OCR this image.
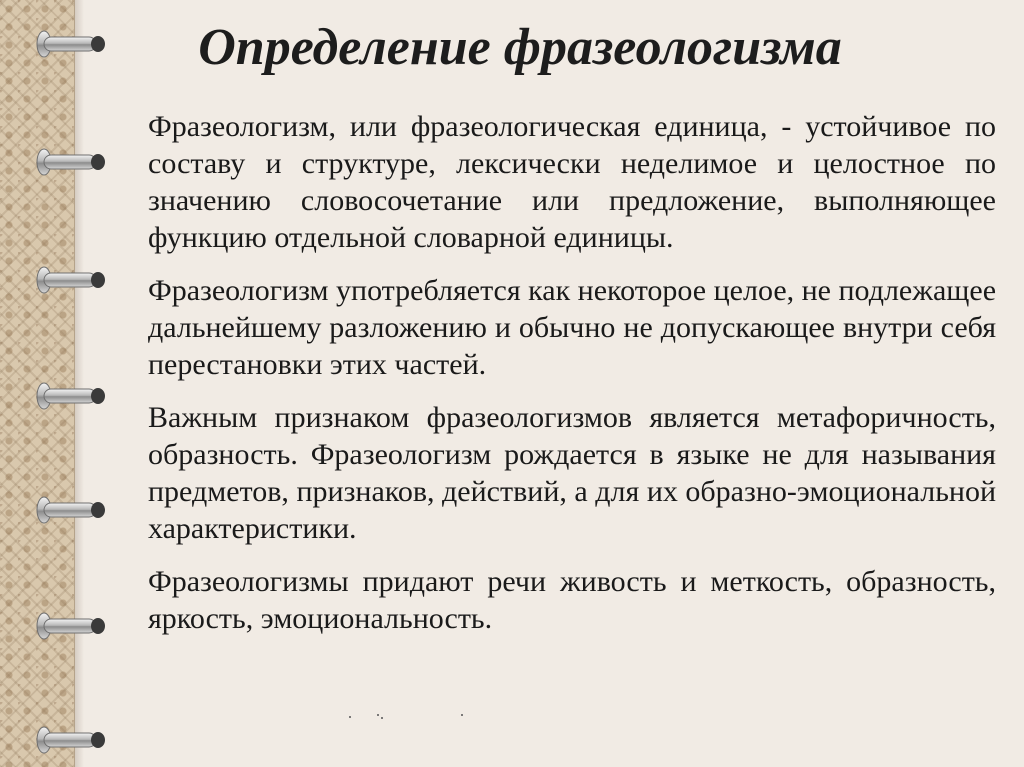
Определение фразеологизма

Фразеологизм, или фразеологическая единица, - устойчивое по составу и структуре, лексически неделимое и целостное по значению словосочетание или предложение, выполняющее функцию отдельной словарной единицы.

Фразеологизм употребляется как некоторое целое, не подлежащее дальнейшему разложению и обычно не допускающее внутри себя перестановки этих частей.

Важным признаком фразеологизмов является метафоричность, образность. Фразеологизм рождается в языке не для называния предметов, признаков, действий, а для их образно-эмоциональной характеристики.

Фразеологизмы придают речи живость и меткость, образность, яркость, эмоциональность.
